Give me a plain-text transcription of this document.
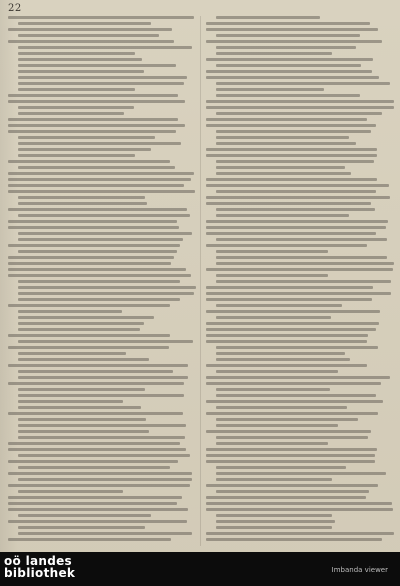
22
oö landes
bibliothek	Imbanda viewer
